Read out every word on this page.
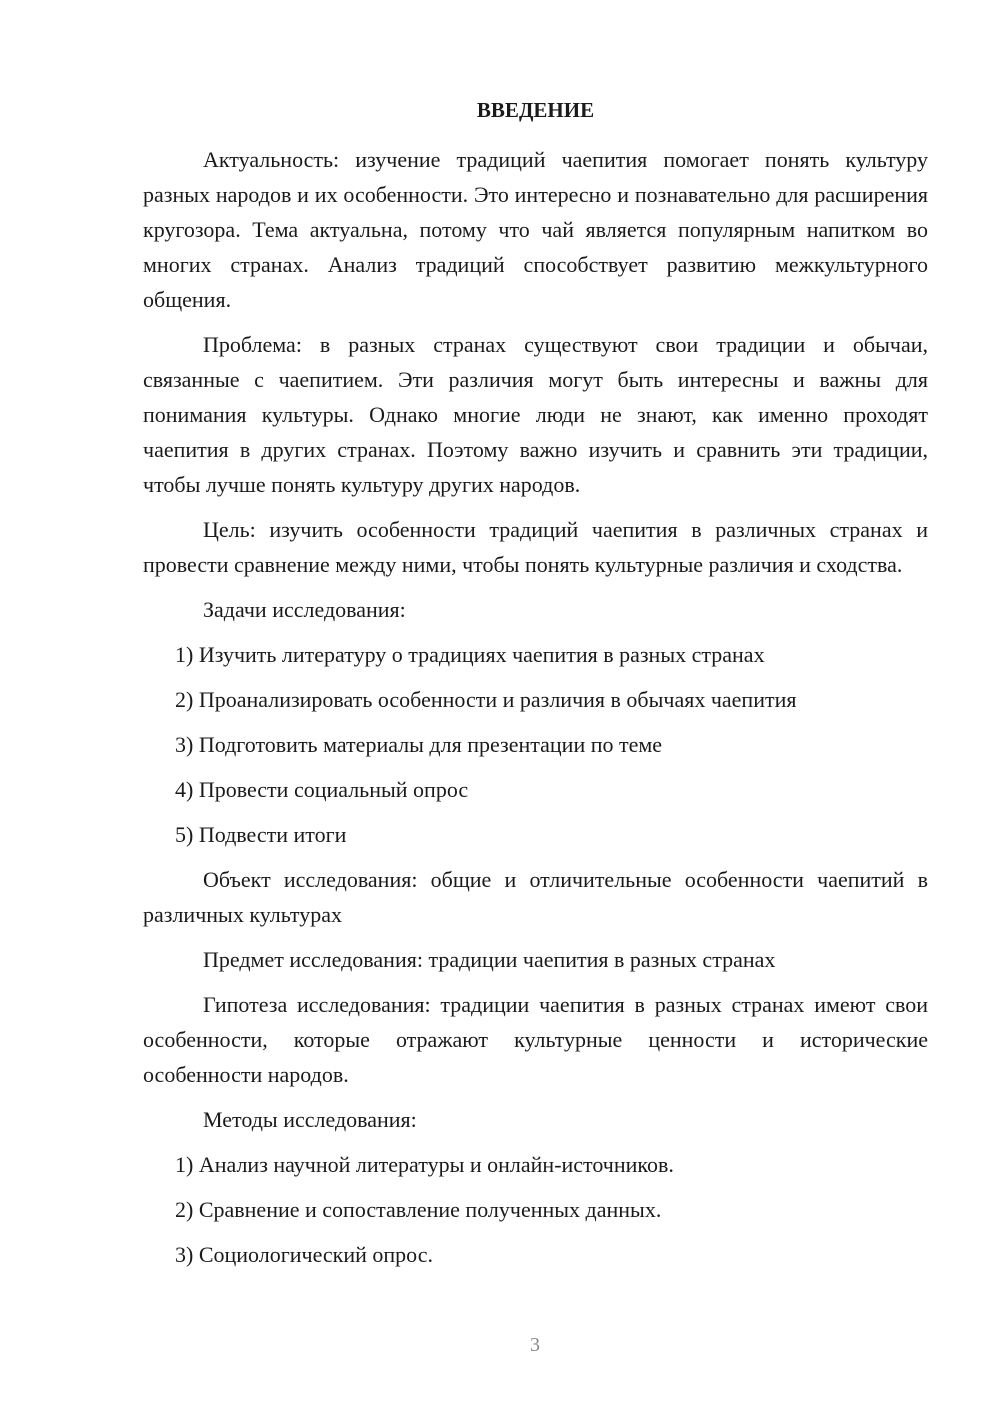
ВВЕДЕНИЕ

Актуальность: изучение традиций чаепития помогает понять культуру разных народов и их особенности. Это интересно и познавательно для расширения кругозора. Тема актуальна, потому что чай является популярным напитком во многих странах. Анализ традиций способствует развитию межкультурного общения.

Проблема: в разных странах существуют свои традиции и обычаи, связанные с чаепитием. Эти различия могут быть интересны и важны для понимания культуры. Однако многие люди не знают, как именно проходят чаепития в других странах. Поэтому важно изучить и сравнить эти традиции, чтобы лучше понять культуру других народов.

Цель: изучить особенности традиций чаепития в различных странах и провести сравнение между ними, чтобы понять культурные различия и сходства.

Задачи исследования:
1) Изучить литературу о традициях чаепития в разных странах
2) Проанализировать особенности и различия в обычаях чаепития
3) Подготовить материалы для презентации по теме
4) Провести социальный опрос
5) Подвести итоги

Объект исследования: общие и отличительные особенности чаепитий в различных культурах

Предмет исследования: традиции чаепития в разных странах

Гипотеза исследования: традиции чаепития в разных странах имеют свои особенности, которые отражают культурные ценности и исторические особенности народов.

Методы исследования:
1) Анализ научной литературы и онлайн-источников.
2) Сравнение и сопоставление полученных данных.
3) Социологический опрос.
3
